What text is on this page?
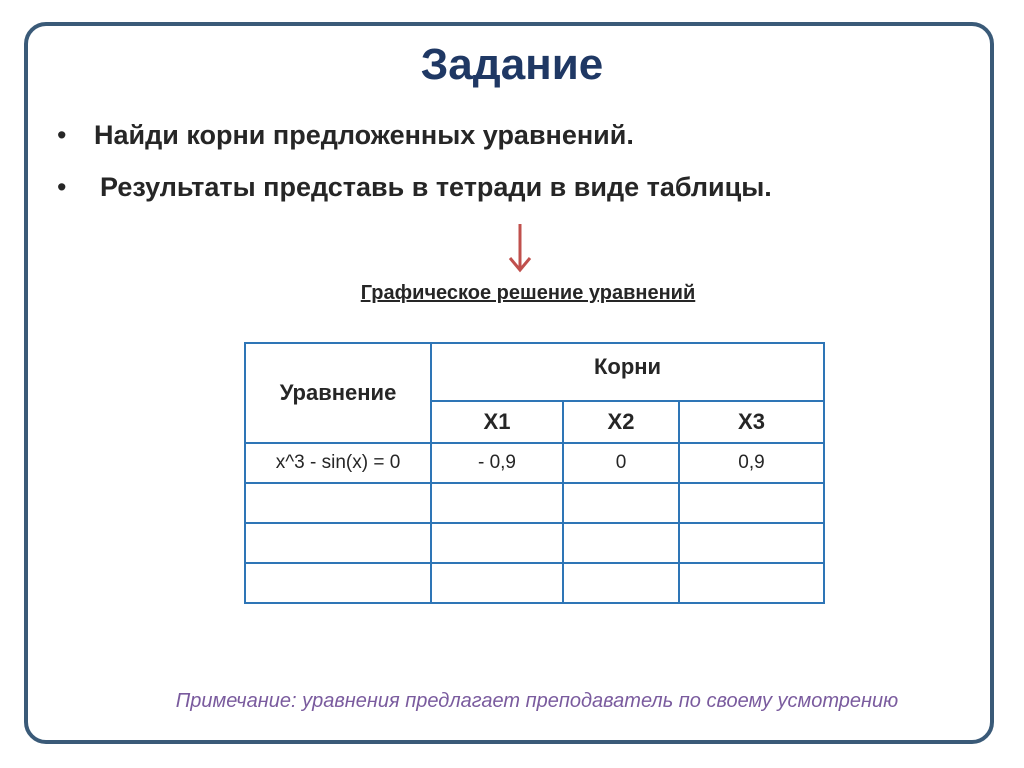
Задание
• Найди корни предложенных уравнений.
• Результаты представь в тетради в виде таблицы.
Графическое решение уравнений
Уравнение	Корни		
	X1	X2	X3
x^3 - sin(x) = 0	- 0,9	0	0,9

Примечание: уравнения предлагает преподаватель по своему усмотрению
